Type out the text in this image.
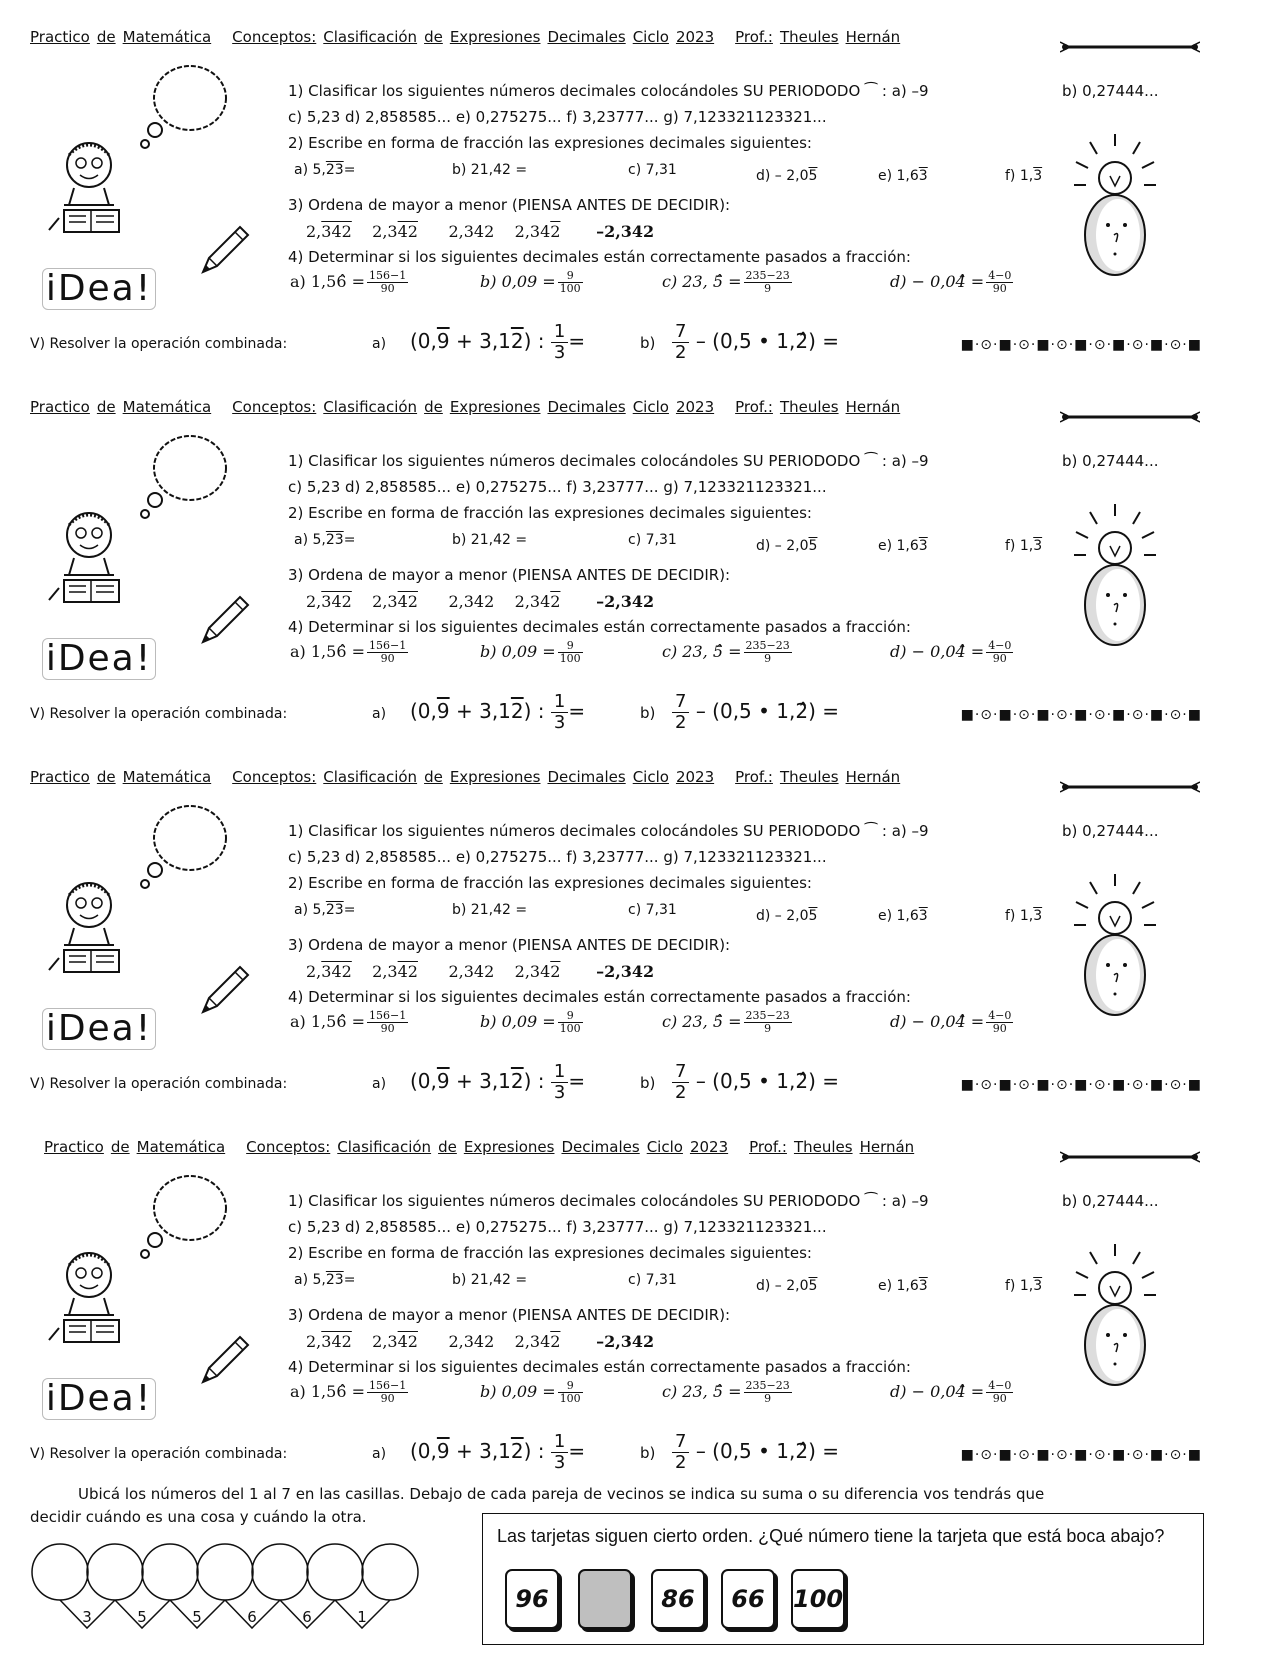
Practico de Matemática Conceptos: Clasificación de Expresiones Decimales Ciclo 2023 Prof.: Theules Hernán
iDea!
1) Clasificar los siguientes números decimales colocándoles SU PERIODODO ⁀ : a) –9	b) 0,27444...
c) 5,23 d) 2,858585... e) 0,275275... f) 3,23777... g) 7,123321123321...
2) Escribe en forma de fracción las expresiones decimales siguientes:
a) 5,23=	b) 21,42 =	c) 7,31	d) – 2,05	e) 1,63	f) 1,3
3) Ordena de mayor a menor (PIENSA ANTES DE DECIDIR):
2,342 2,342 2,342 2,342 –2,342
4) Determinar si los siguientes decimales están correctamente pasados a fracción:
a) 1,56̂ = $\frac{156-1}{90}$	b) $0,09 = \frac{9}{100}$	c) 23, 5̂ = $\frac{235-23}{9}$	d) − 0,04̂ = $\frac{4-0}{90}$
V) Resolver la operación combinada:	a) (0,9 + 3,12) : $\frac{1}{3}$ =	$b) \frac{7}{2} - (0,5$ • 1,2̂) =	■·⊙·■·⊙·■·⊙·■·⊙·■·⊙·■·⊙·■
Practico de Matemática Conceptos: Clasificación de Expresiones Decimales Ciclo 2023 Prof.: Theules Hernán
iDea!
1) Clasificar los siguientes números decimales colocándoles SU PERIODODO ⁀ : a) –9	b) 0,27444...
c) 5,23 d) 2,858585... e) 0,275275... f) 3,23777... g) 7,123321123321...
2) Escribe en forma de fracción las expresiones decimales siguientes:
a) 5,23=	b) 21,42 =	c) 7,31	d) – 2,05	e) 1,63	f) 1,3
3) Ordena de mayor a menor (PIENSA ANTES DE DECIDIR):
2,342 2,342 2,342 2,342 –2,342
4) Determinar si los siguientes decimales están correctamente pasados a fracción:
a) 1,56̂ = $\frac{156-1}{90}$	b) $0,09 = \frac{9}{100}$	c) 23, 5̂ = $\frac{235-23}{9}$	d) − 0,04̂ = $\frac{4-0}{90}$
V) Resolver la operación combinada:	a) (0,9 + 3,12) : $\frac{1}{3}$ =	$b) \frac{7}{2} - (0,5$ • 1,2̂) =	■·⊙·■·⊙·■·⊙·■·⊙·■·⊙·■·⊙·■
Practico de Matemática Conceptos: Clasificación de Expresiones Decimales Ciclo 2023 Prof.: Theules Hernán
iDea!
1) Clasificar los siguientes números decimales colocándoles SU PERIODODO ⁀ : a) –9	b) 0,27444...
c) 5,23 d) 2,858585... e) 0,275275... f) 3,23777... g) 7,123321123321...
2) Escribe en forma de fracción las expresiones decimales siguientes:
a) 5,23=	b) 21,42 =	c) 7,31	d) – 2,05	e) 1,63	f) 1,3
3) Ordena de mayor a menor (PIENSA ANTES DE DECIDIR):
2,342 2,342 2,342 2,342 –2,342
4) Determinar si los siguientes decimales están correctamente pasados a fracción:
a) 1,56̂ = $\frac{156-1}{90}$	b) $0,09 = \frac{9}{100}$	c) 23, 5̂ = $\frac{235-23}{9}$	d) − 0,04̂ = $\frac{4-0}{90}$
V) Resolver la operación combinada:	a) (0,9 + 3,12) : $\frac{1}{3}$ =	$b) \frac{7}{2} - (0,5$ • 1,2̂) =	■·⊙·■·⊙·■·⊙·■·⊙·■·⊙·■·⊙·■
Practico de Matemática Conceptos: Clasificación de Expresiones Decimales Ciclo 2023 Prof.: Theules Hernán
iDea!
1) Clasificar los siguientes números decimales colocándoles SU PERIODODO ⁀ : a) –9	b) 0,27444...
c) 5,23 d) 2,858585... e) 0,275275... f) 3,23777... g) 7,123321123321...
2) Escribe en forma de fracción las expresiones decimales siguientes:
a) 5,23=	b) 21,42 =	c) 7,31	d) – 2,05	e) 1,63	f) 1,3
3) Ordena de mayor a menor (PIENSA ANTES DE DECIDIR):
2,342 2,342 2,342 2,342 –2,342
4) Determinar si los siguientes decimales están correctamente pasados a fracción:
a) 1,56̂ = $\frac{156-1}{90}$	b) $0,09 = \frac{9}{100}$	c) 23, 5̂ = $\frac{235-23}{9}$	d) − 0,04̂ = $\frac{4-0}{90}$
V) Resolver la operación combinada:	a) (0,9 + 3,12) : $\frac{1}{3}$ =	$b) \frac{7}{2} - (0,5$ • 1,2̂) =	■·⊙·■·⊙·■·⊙·■·⊙·■·⊙·■·⊙·■
Ubicá los números del 1 al 7 en las casillas. Debajo de cada pareja de vecinos se indica su suma o su diferencia vos tendrás que
decidir cuándo es una cosa y cuándo la otra.
3	5	5	6	6	1
Las tarjetas siguen cierto orden. ¿Qué número tiene la tarjeta que está boca abajo?
96	86	66	100
